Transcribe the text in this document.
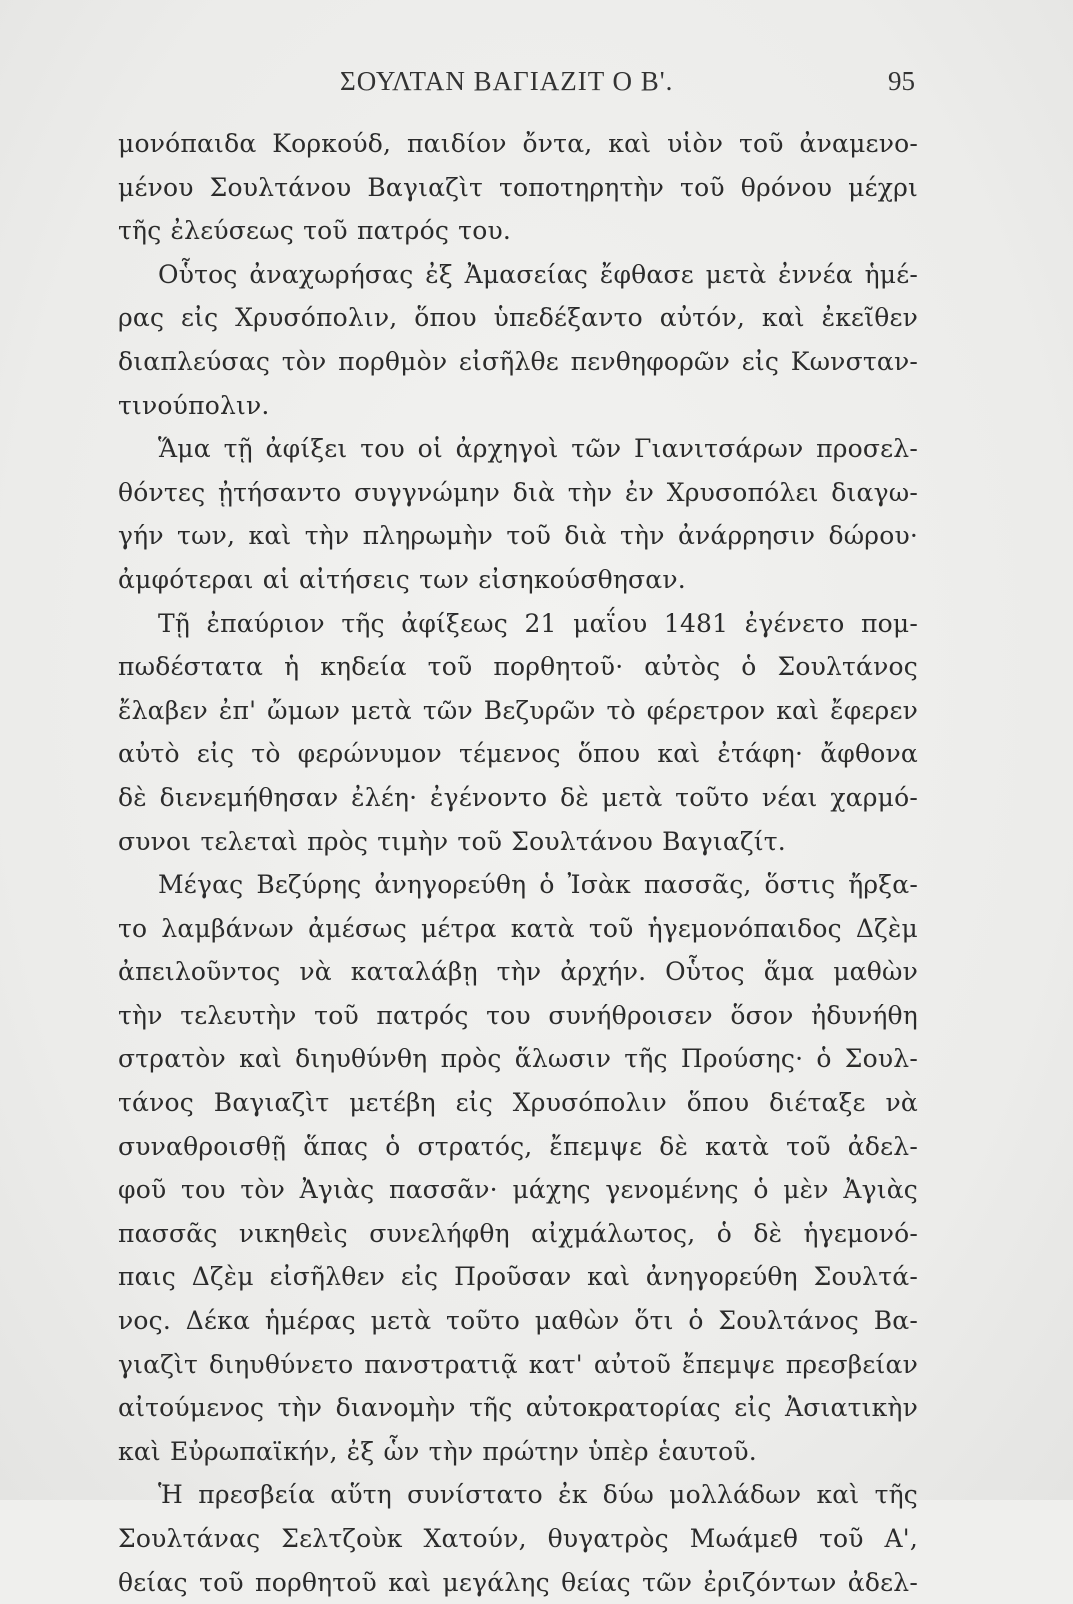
ΣΟΥΛΤΑΝ ΒΑΓΙΑΖΙΤ Ο Β'.	95
μονόπαιδα Κορκούδ, παιδίον ὄντα, καὶ υἱὸν τοῦ ἀναμενο-
μένου Σουλτάνου Βαγιαζὶτ τοποτηρητὴν τοῦ θρόνου μέχρι
τῆς ἐλεύσεως τοῦ πατρός του.
Οὗτος ἀναχωρήσας ἐξ Ἀμασείας ἔφθασε μετὰ ἐννέα ἡμέ-
ρας εἰς Χρυσόπολιν, ὅπου ὑπεδέξαντο αὐτόν, καὶ ἐκεῖθεν
διαπλεύσας τὸν πορθμὸν εἰσῆλθε πενθηφορῶν εἰς Κωνσταν-
τινούπολιν.
Ἅμα τῇ ἀφίξει του οἱ ἀρχηγοὶ τῶν Γιανιτσάρων προσελ-
θόντες ᾐτήσαντο συγγνώμην διὰ τὴν ἐν Χρυσοπόλει διαγω-
γήν των, καὶ τὴν πληρωμὴν τοῦ διὰ τὴν ἀνάρρησιν δώρου·
ἀμφότεραι αἱ αἰτήσεις των εἰσηκούσθησαν.
Τῇ ἐπαύριον τῆς ἀφίξεως 21 μαΐου 1481 ἐγένετο πομ-
πωδέστατα ἡ κηδεία τοῦ πορθητοῦ· αὐτὸς ὁ Σουλτάνος
ἔλαβεν ἐπ' ὤμων μετὰ τῶν Βεζυρῶν τὸ φέρετρον καὶ ἔφερεν
αὐτὸ εἰς τὸ φερώνυμον τέμενος ὅπου καὶ ἐτάφη· ἄφθονα
δὲ διενεμήθησαν ἐλέη· ἐγένοντο δὲ μετὰ τοῦτο νέαι χαρμό-
συνοι τελεταὶ πρὸς τιμὴν τοῦ Σουλτάνου Βαγιαζίτ.
Μέγας Βεζύρης ἀνηγορεύθη ὁ Ἰσὰκ πασσᾶς, ὅστις ἤρξα-
το λαμβάνων ἀμέσως μέτρα κατὰ τοῦ ἡγεμονόπαιδος Δζὲμ
ἀπειλοῦντος νὰ καταλάβῃ τὴν ἀρχήν. Οὗτος ἅμα μαθὼν
τὴν τελευτὴν τοῦ πατρός του συνήθροισεν ὅσον ἠδυνήθη
στρατὸν καὶ διηυθύνθη πρὸς ἅλωσιν τῆς Προύσης· ὁ Σουλ-
τάνος Βαγιαζὶτ μετέβη εἰς Χρυσόπολιν ὅπου διέταξε νὰ
συναθροισθῇ ἅπας ὁ στρατός, ἔπεμψε δὲ κατὰ τοῦ ἀδελ-
φοῦ του τὸν Ἀγιὰς πασσᾶν· μάχης γενομένης ὁ μὲν Ἀγιὰς
πασσᾶς νικηθεὶς συνελήφθη αἰχμάλωτος, ὁ δὲ ἡγεμονό-
παις Δζὲμ εἰσῆλθεν εἰς Προῦσαν καὶ ἀνηγορεύθη Σουλτά-
νος. Δέκα ἡμέρας μετὰ τοῦτο μαθὼν ὅτι ὁ Σουλτάνος Βα-
γιαζὶτ διηυθύνετο πανστρατιᾷ κατ' αὐτοῦ ἔπεμψε πρεσβείαν
αἰτούμενος τὴν διανομὴν τῆς αὐτοκρατορίας εἰς Ἀσιατικὴν
καὶ Εὐρωπαϊκήν, ἐξ ὧν τὴν πρώτην ὑπὲρ ἑαυτοῦ.
Ἡ πρεσβεία αὕτη συνίστατο ἐκ δύω μολλάδων καὶ τῆς
Σουλτάνας Σελτζοὺκ Χατούν, θυγατρὸς Μωάμεθ τοῦ Α',
θείας τοῦ πορθητοῦ καὶ μεγάλης θείας τῶν ἐριζόντων ἀδελ-
